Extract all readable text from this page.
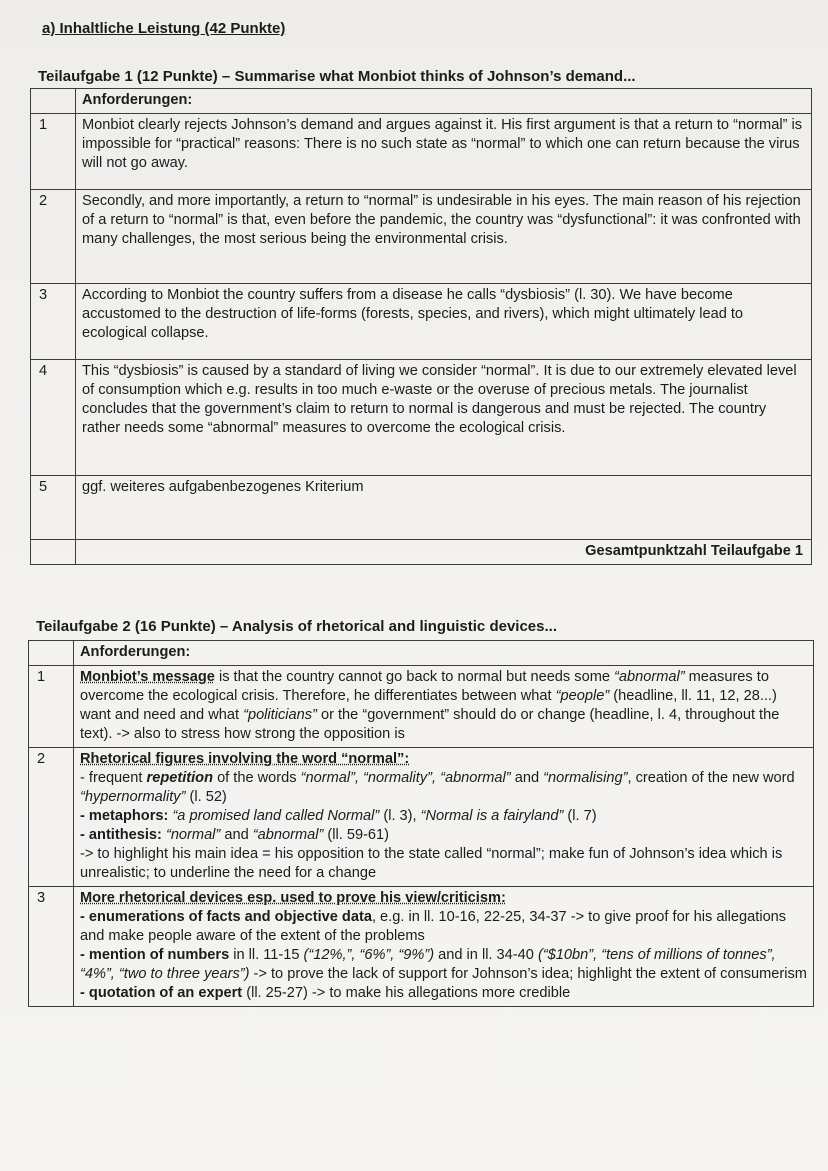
a) Inhaltliche Leistung (42 Punkte)
Teilaufgabe 1 (12 Punkte) – Summarise what Monbiot thinks of Johnson’s demand...
	Anforderungen:
1	Monbiot clearly rejects Johnson’s demand and argues against it. His first argument is that a return to “normal” is impossible for “practical” reasons: There is no such state as “normal” to which one can return because the virus will not go away.
2	Secondly, and more importantly, a return to “normal” is undesirable in his eyes. The main reason of his rejection of a return to “normal” is that, even before the pandemic, the country was “dysfunctional”: it was confronted with many challenges, the most serious being the environmental crisis.
3	According to Monbiot the country suffers from a disease he calls “dysbiosis” (l. 30). We have become accustomed to the destruction of life-forms (forests, species, and rivers), which might ultimately lead to ecological collapse.
4	This “dysbiosis” is caused by a standard of living we consider “normal”. It is due to our extremely elevated level of consumption which e.g. results in too much e-waste or the overuse of precious metals. The journalist concludes that the government’s claim to return to normal is dangerous and must be rejected. The country rather needs some “abnormal” measures to overcome the ecological crisis.
5	ggf. weiteres aufgabenbezogenes Kriterium
	Gesamtpunktzahl Teilaufgabe 1
Teilaufgabe 2 (16 Punkte) – Analysis of rhetorical and linguistic devices...
	Anforderungen:
1	Monbiot’s message is that the country cannot go back to normal but needs some “abnormal” measures to overcome the ecological crisis. Therefore, he differentiates between what “people” (headline, ll. 11, 12, 28...) want and need and what “politicians” or the “government” should do or change (headline, l. 4, throughout the text). -> also to stress how strong the opposition is
2	Rhetorical figures involving the word “normal”:
- frequent repetition of the words “normal”, “normality”, “abnormal” and “normalising”, creation of the new word “hypernormality” (l. 52)
- metaphors: “a promised land called Normal” (l. 3), “Normal is a fairyland” (l. 7)
- antithesis: “normal” and “abnormal” (ll. 59-61)
-> to highlight his main idea = his opposition to the state called “normal”; make fun of Johnson’s idea which is unrealistic; to underline the need for a change

3	More rhetorical devices esp. used to prove his view/criticism:
- enumerations of facts and objective data, e.g. in ll. 10-16, 22-25, 34-37 -> to give proof for his allegations and make people aware of the extent of the problems
- mention of numbers in ll. 11-15 (“12%,”, “6%”, “9%”) and in ll. 34-40 (“$10bn”, “tens of millions of tonnes”, “4%”, “two to three years”) -> to prove the lack of support for Johnson’s idea; highlight the extent of consumerism
- quotation of an expert (ll. 25-27) -> to make his allegations more credible
